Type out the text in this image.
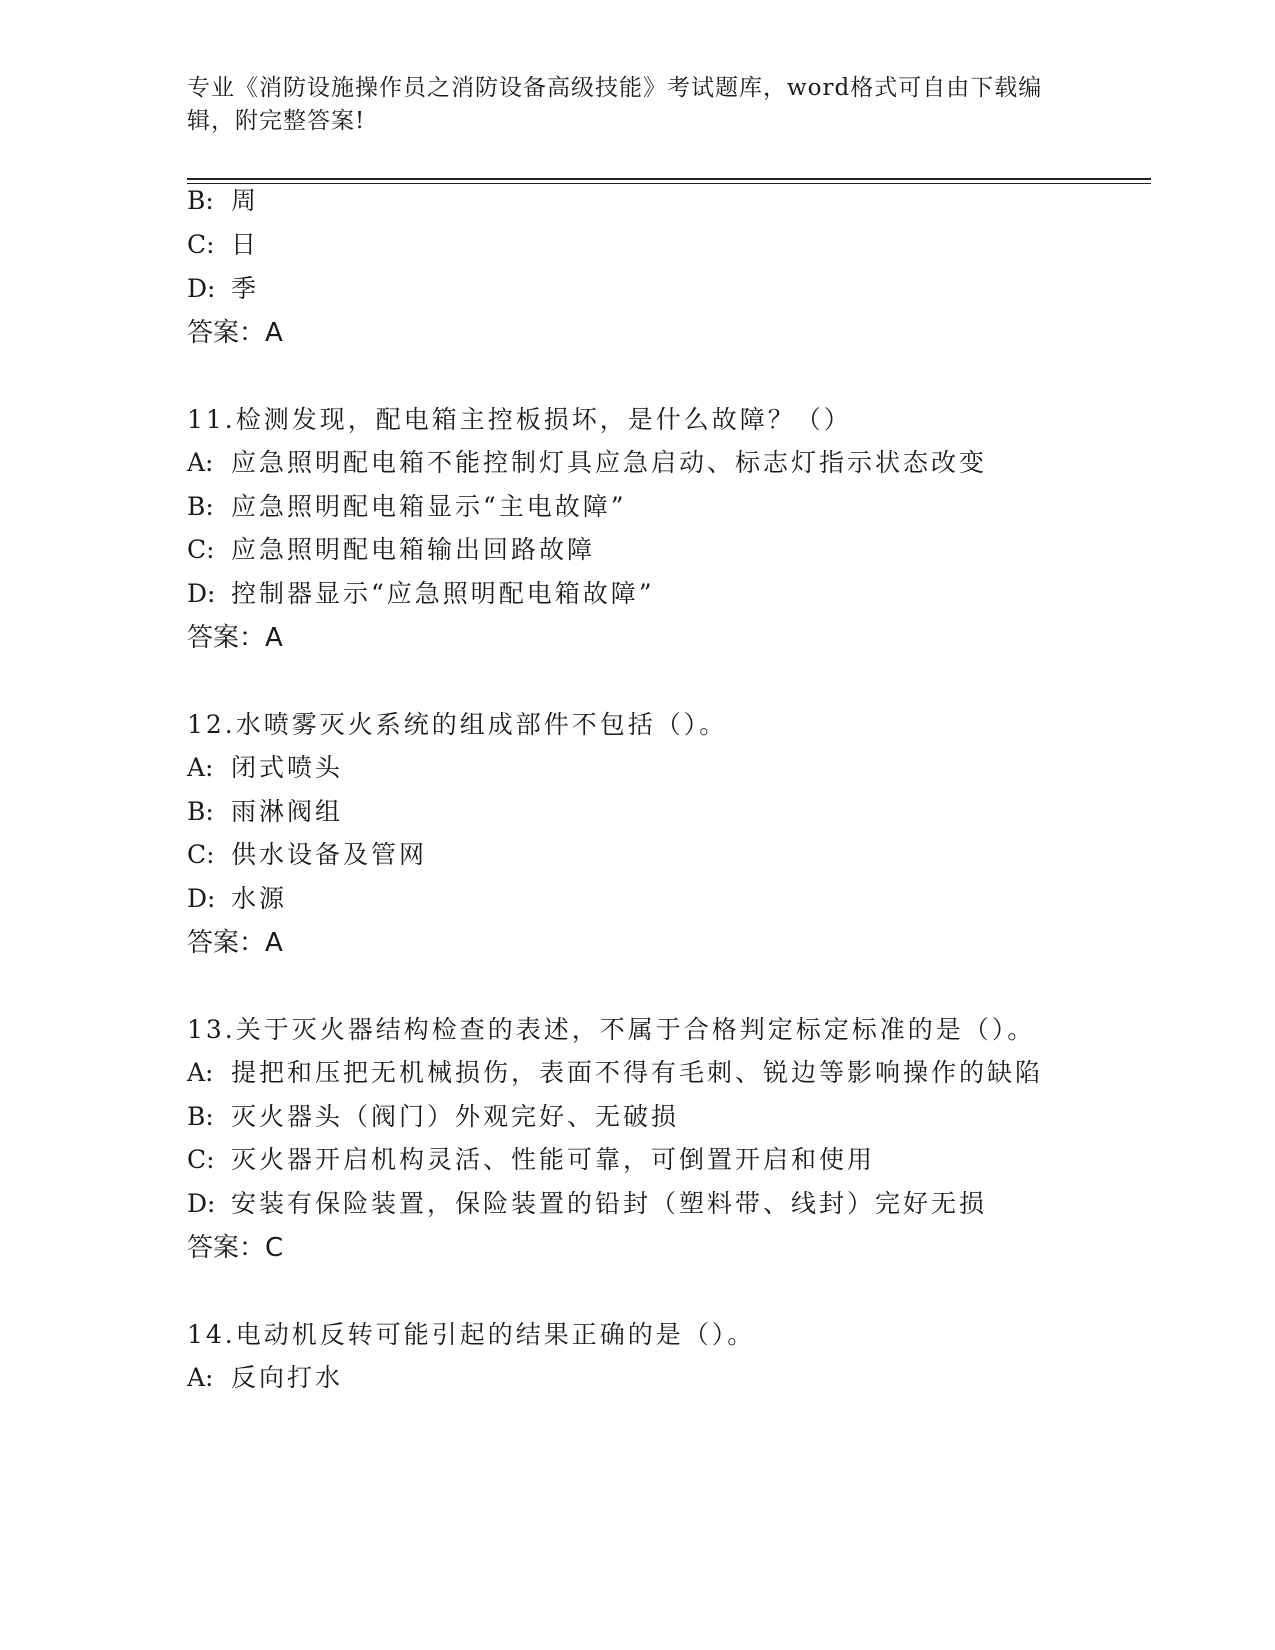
专业《消防设施操作员之消防设备高级技能》考试题库，word格式可自由下载编辑，附完整答案!
B: 周
C: 日
D: 季
答案：A
11.检测发现，配电箱主控板损坏，是什么故障？（）
A: 应急照明配电箱不能控制灯具应急启动、标志灯指示状态改变
B: 应急照明配电箱显示“主电故障”
C: 应急照明配电箱输出回路故障
D: 控制器显示“应急照明配电箱故障”
答案：A
12.水喷雾灭火系统的组成部件不包括（）。
A: 闭式喷头
B: 雨淋阀组
C: 供水设备及管网
D: 水源
答案：A
13.关于灭火器结构检查的表述，不属于合格判定标定标准的是（）。
A: 提把和压把无机械损伤，表面不得有毛刺、锐边等影响操作的缺陷
B: 灭火器头（阀门）外观完好、无破损
C: 灭火器开启机构灵活、性能可靠，可倒置开启和使用
D: 安装有保险装置，保险装置的铅封（塑料带、线封）完好无损
答案：C
14.电动机反转可能引起的结果正确的是（）。
A: 反向打水
